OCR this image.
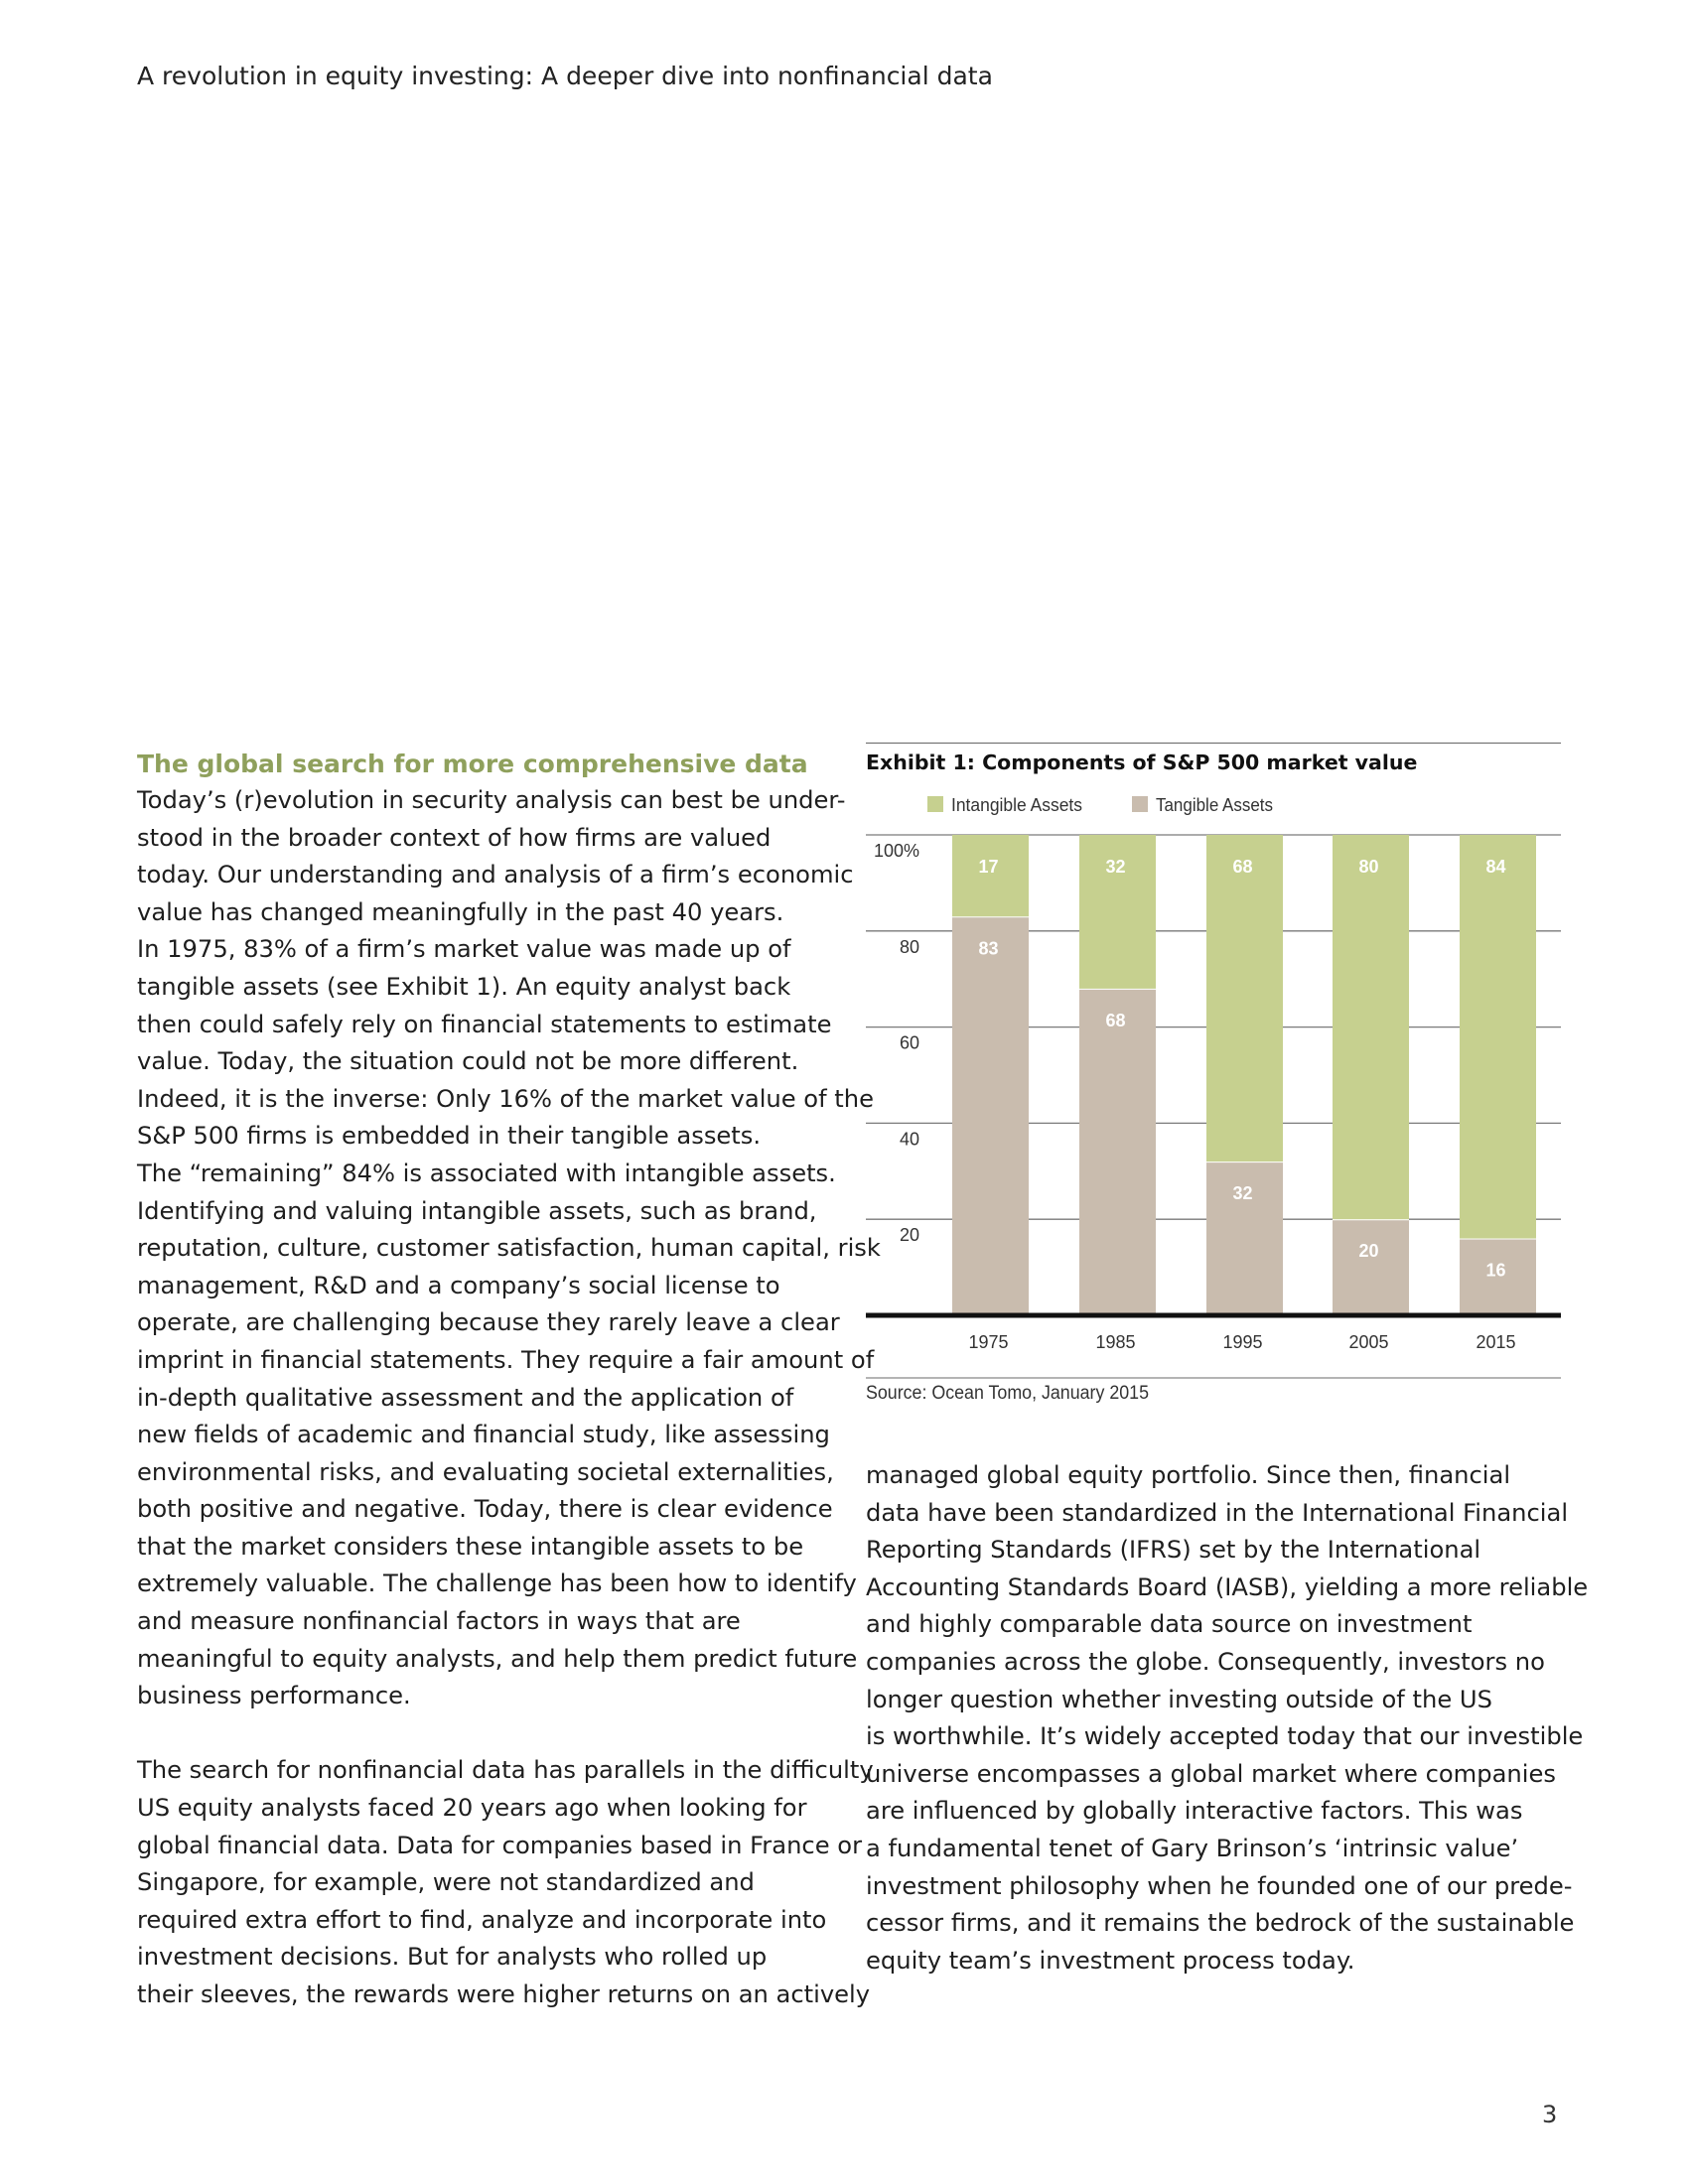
A revolution in equity investing: A deeper dive into nonfinancial data
The global search for more comprehensive data
Today’s (r)evolution in security analysis can best be under-
stood in the broader context of how firms are valued
today. Our understanding and analysis of a firm’s economic
value has changed meaningfully in the past 40 years.
In 1975, 83% of a firm’s market value was made up of
tangible assets (see Exhibit 1). An equity analyst back
then could safely rely on financial statements to estimate
value. Today, the situation could not be more different.
Indeed, it is the inverse: Only 16% of the market value of the
S&P 500 firms is embedded in their tangible assets.
The “remaining” 84% is associated with intangible assets.
Identifying and valuing intangible assets, such as brand,
reputation, culture, customer satisfaction, human capital, risk
management, R&D and a company’s social license to
operate, are challenging because they rarely leave a clear
imprint in financial statements. They require a fair amount of
in-depth qualitative assessment and the application of
new fields of academic and financial study, like assessing
environmental risks, and evaluating societal externalities,
both positive and negative. Today, there is clear evidence
that the market considers these intangible assets to be
extremely valuable. The challenge has been how to identify
and measure nonfinancial factors in ways that are
meaningful to equity analysts, and help them predict future
business performance.
The search for nonfinancial data has parallels in the difficulty
US equity analysts faced 20 years ago when looking for
global financial data. Data for companies based in France or
Singapore, for example, were not standardized and
required extra effort to find, analyze and incorporate into
investment decisions. But for analysts who rolled up
their sleeves, the rewards were higher returns on an actively
Exhibit 1: Components of S&P 500 market value
Intangible Assets	Tangible Assets
83
17
68
32
32
68
20
80
16
84
20
40
60
80
100%
1975	1985	1995	2005	2015
Source: Ocean Tomo, January 2015
managed global equity portfolio. Since then, financial
data have been standardized in the International Financial
Reporting Standards (IFRS) set by the International
Accounting Standards Board (IASB), yielding a more reliable
and highly comparable data source on investment
companies across the globe. Consequently, investors no
longer question whether investing outside of the US
is worthwhile. It’s widely accepted today that our investible
universe encompasses a global market where companies
are influenced by globally interactive factors. This was
a fundamental tenet of Gary Brinson’s ‘intrinsic value’
investment philosophy when he founded one of our prede-
cessor firms, and it remains the bedrock of the sustainable
equity team’s investment process today.
3
